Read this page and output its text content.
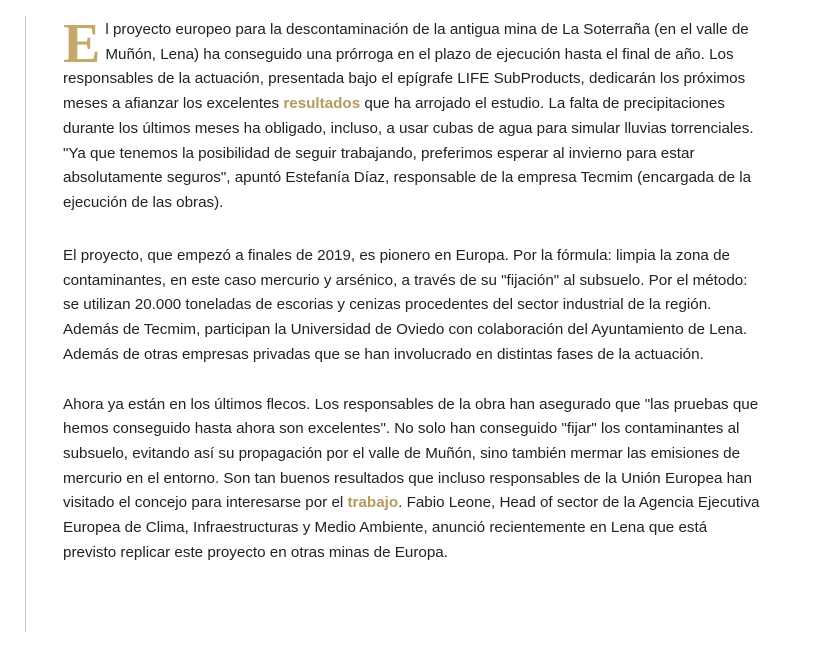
El proyecto europeo para la descontaminación de la antigua mina de La Soterraña (en el valle de Muñón, Lena) ha conseguido una prórroga en el plazo de ejecución hasta el final de año. Los responsables de la actuación, presentada bajo el epígrafe LIFE SubProducts, dedicarán los próximos meses a afianzar los excelentes resultados que ha arrojado el estudio. La falta de precipitaciones durante los últimos meses ha obligado, incluso, a usar cubas de agua para simular lluvias torrenciales. "Ya que tenemos la posibilidad de seguir trabajando, preferimos esperar al invierno para estar absolutamente seguros", apuntó Estefanía Díaz, responsable de la empresa Tecmim (encargada de la ejecución de las obras).

El proyecto, que empezó a finales de 2019, es pionero en Europa. Por la fórmula: limpia la zona de contaminantes, en este caso mercurio y arsénico, a través de su "fijación" al subsuelo. Por el método: se utilizan 20.000 toneladas de escorias y cenizas procedentes del sector industrial de la región. Además de Tecmim, participan la Universidad de Oviedo con colaboración del Ayuntamiento de Lena. Además de otras empresas privadas que se han involucrado en distintas fases de la actuación.

Ahora ya están en los últimos flecos. Los responsables de la obra han asegurado que "las pruebas que hemos conseguido hasta ahora son excelentes". No solo han conseguido "fijar" los contaminantes al subsuelo, evitando así su propagación por el valle de Muñón, sino también mermar las emisiones de mercurio en el entorno. Son tan buenos resultados que incluso responsables de la Unión Europea han visitado el concejo para interesarse por el trabajo. Fabio Leone, Head of sector de la Agencia Ejecutiva Europea de Clima, Infraestructuras y Medio Ambiente, anunció recientemente en Lena que está previsto replicar este proyecto en otras minas de Europa.
